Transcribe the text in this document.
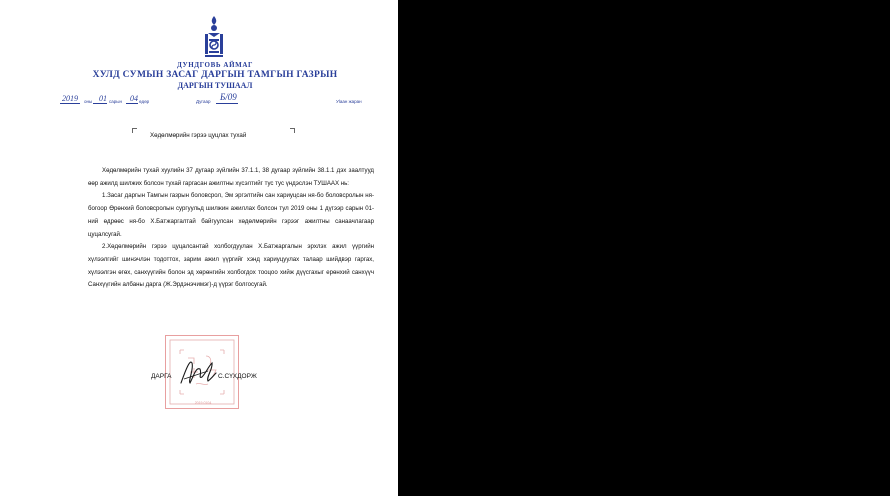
ДУНДГОВЬ АЙМАГ
ХУЛД СУМЫН ЗАСАГ ДАРГЫН ТАМГЫН ГАЗРЫН
ДАРГЫН ТУШААЛ
2019 оны 01 сарын 04 өдөр	Дугаар Б/09	Уlаан жаран
Хөдөлмөрийн гэрээ цуцлах тухай

Хөдөлмөрийн тухай хуулийн 37 дугаар зүйлийн 37.1.1, 38 дугаар зүйлийн 38.1.1 дэх заалтууд өөр ажилд шилжих болсон тухай гаргасан ажилтны хүсэлтийг тус тус үндэслэн ТУШААХ нь:

1.Засаг даргын Тамгын газрын боловсрол, Эм эргэлтийн сан хариуцсан ня-бо боловсролын ня-богоор Өрөнхий боловсролын сургуульд шилжин ажиллах болсон тул 2019 оны 1 дүгээр сарын 01-ний өдрөөс ня-бо Х.Батжаргалтай байгуулсан хөдөлмөрийн гэрээг ажилтны санаачлагаар цуцалсугай.

2.Хөдөлмөрийн гэрээ цуцалсантай холбогдуулан Х.Батжаргалын эрхлэх ажил үүргийн хүлээлгийг шинэчлэн тодоттох, зарим ажил үүргийг хэнд хариуцуулах талаар шийдвэр гаргах, хүлээлгэн өгөх, санхүүгийн болон эд хөрөнгийн холбогдох тооцоо хийж дүүсгахыг ерөнхий санхүүч Санхүүгийн албаны дарга (Ж.Эрдэнэчимэг)-д үүрэг болгосугай.

2019 0104
ДАРГА	С.СҮХДОРЖ
